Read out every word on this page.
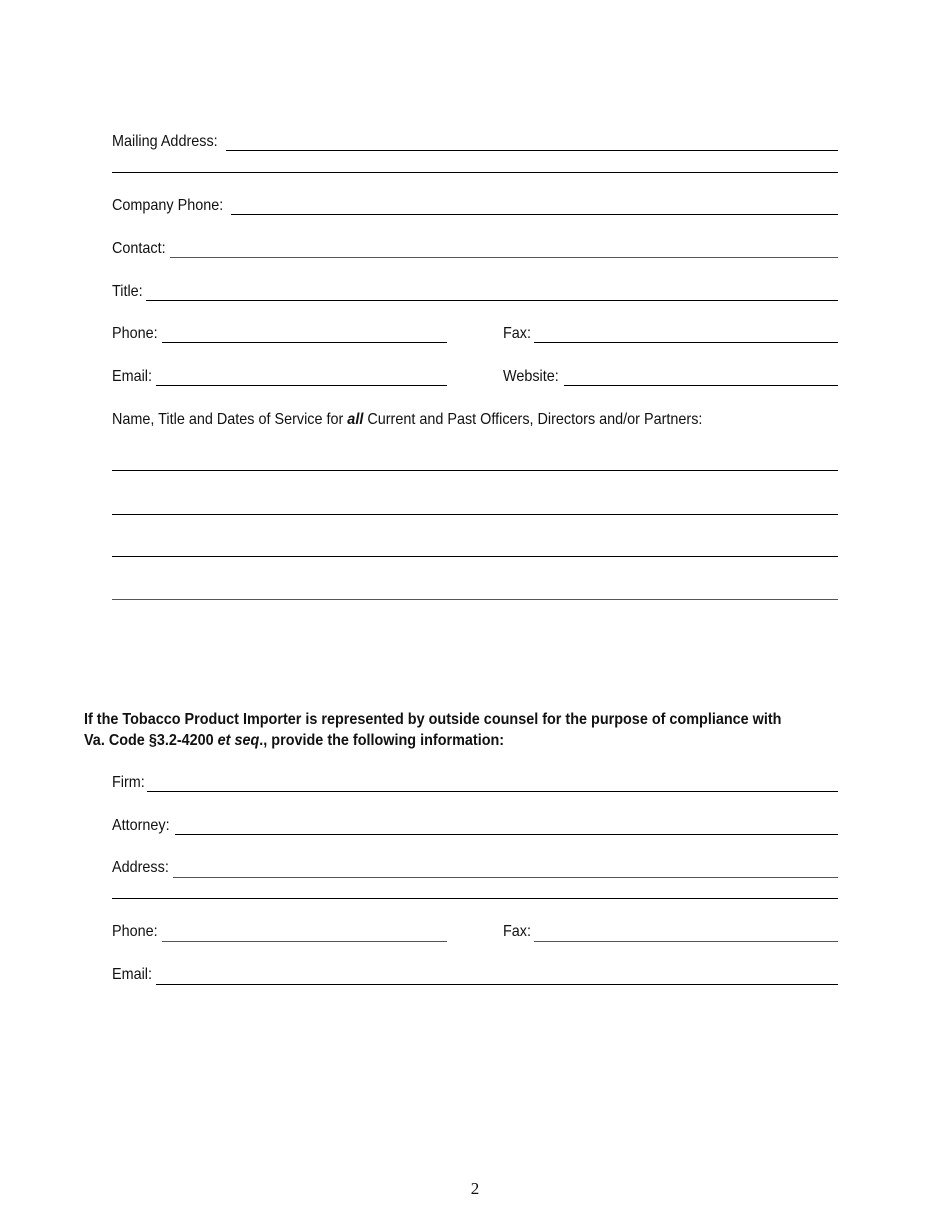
Mailing Address:
Company Phone:
Contact:
Title:
Phone:	Fax:
Email:	Website:
Name, Title and Dates of Service for all Current and Past Officers, Directors and/or Partners:
If the Tobacco Product Importer is represented by outside counsel for the purpose of compliance with
Va. Code §3.2-4200 et seq., provide the following information:
Firm:
Attorney:
Address:
Phone:	Fax:
Email:
2
